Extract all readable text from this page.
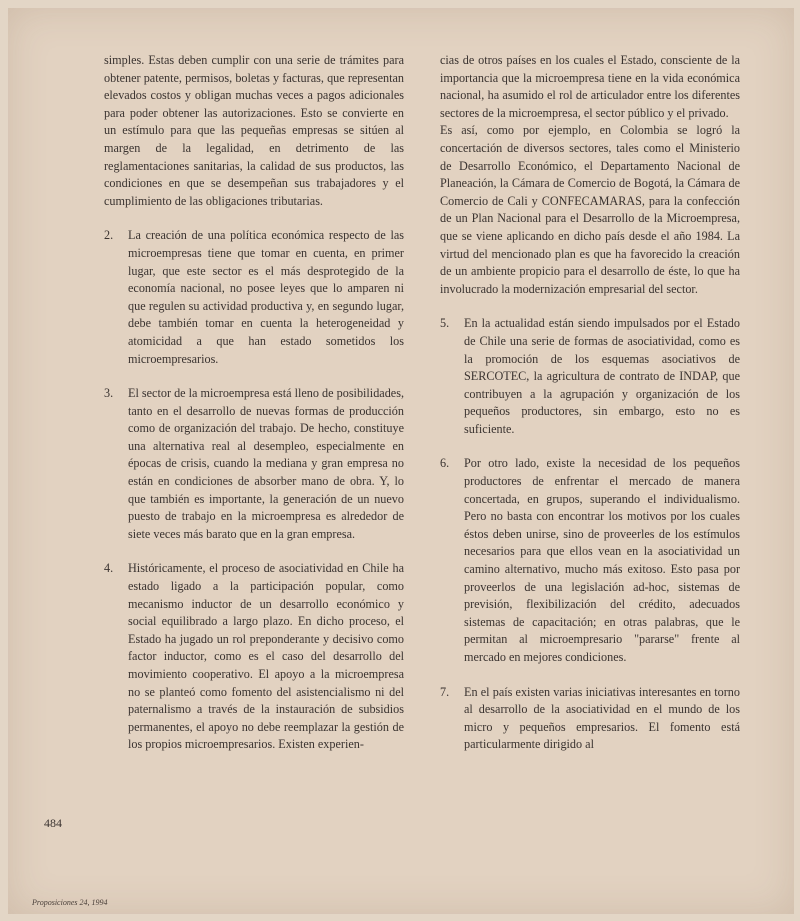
simples. Estas deben cumplir con una serie de trámites para obtener patente, permisos, boletas y facturas, que representan elevados costos y obligan muchas veces a pagos adicionales para poder obtener las autorizaciones. Esto se convierte en un estímulo para que las pequeñas empresas se sitúen al margen de la legalidad, en detrimento de las reglamentaciones sanitarias, la calidad de sus productos, las condiciones en que se desempeñan sus trabajadores y el cumplimiento de las obligaciones tributarias.

2. La creación de una política económica respecto de las microempresas tiene que tomar en cuenta, en primer lugar, que este sector es el más desprotegido de la economía nacional, no posee leyes que lo amparen ni que regulen su actividad productiva y, en segundo lugar, debe también tomar en cuenta la heterogeneidad y atomicidad a que han estado sometidos los microempresarios.

3. El sector de la microempresa está lleno de posibilidades, tanto en el desarrollo de nuevas formas de producción como de organización del trabajo. De hecho, constituye una alternativa real al desempleo, especialmente en épocas de crisis, cuando la mediana y gran empresa no están en condiciones de absorber mano de obra. Y, lo que también es importante, la generación de un nuevo puesto de trabajo en la microempresa es alrededor de siete veces más barato que en la gran empresa.

4. Históricamente, el proceso de asociatividad en Chile ha estado ligado a la participación popular, como mecanismo inductor de un desarrollo económico y social equilibrado a largo plazo. En dicho proceso, el Estado ha jugado un rol preponderante y decisivo como factor inductor, como es el caso del desarrollo del movimiento cooperativo. El apoyo a la microempresa no se planteó como fomento del asistencialismo ni del paternalismo a través de la instauración de subsidios permanentes, el apoyo no debe reemplazar la gestión de los propios microempresarios. Existen experien-

cias de otros países en los cuales el Estado, consciente de la importancia que la microempresa tiene en la vida económica nacional, ha asumido el rol de articulador entre los diferentes sectores de la microempresa, el sector público y el privado.

Es así, como por ejemplo, en Colombia se logró la concertación de diversos sectores, tales como el Ministerio de Desarrollo Económico, el Departamento Nacional de Planeación, la Cámara de Comercio de Bogotá, la Cámara de Comercio de Cali y CONFECAMARAS, para la confección de un Plan Nacional para el Desarrollo de la Microempresa, que se viene aplicando en dicho país desde el año 1984. La virtud del mencionado plan es que ha favorecido la creación de un ambiente propicio para el desarrollo de éste, lo que ha involucrado la modernización empresarial del sector.

5. En la actualidad están siendo impulsados por el Estado de Chile una serie de formas de asociatividad, como es la promoción de los esquemas asociativos de SERCOTEC, la agricultura de contrato de INDAP, que contribuyen a la agrupación y organización de los pequeños productores, sin embargo, esto no es suficiente.

6. Por otro lado, existe la necesidad de los pequeños productores de enfrentar el mercado de manera concertada, en grupos, superando el individualismo. Pero no basta con encontrar los motivos por los cuales éstos deben unirse, sino de proveerles de los estímulos necesarios para que ellos vean en la asociatividad un camino alternativo, mucho más exitoso. Esto pasa por proveerlos de una legislación ad-hoc, sistemas de previsión, flexibilización del crédito, adecuados sistemas de capacitación; en otras palabras, que le permitan al microempresario "pararse" frente al mercado en mejores condiciones.

7. En el país existen varias iniciativas interesantes en torno al desarrollo de la asociatividad en el mundo de los micro y pequeños empresarios. El fomento está particularmente dirigido al

484
Proposiciones 24, 1994
